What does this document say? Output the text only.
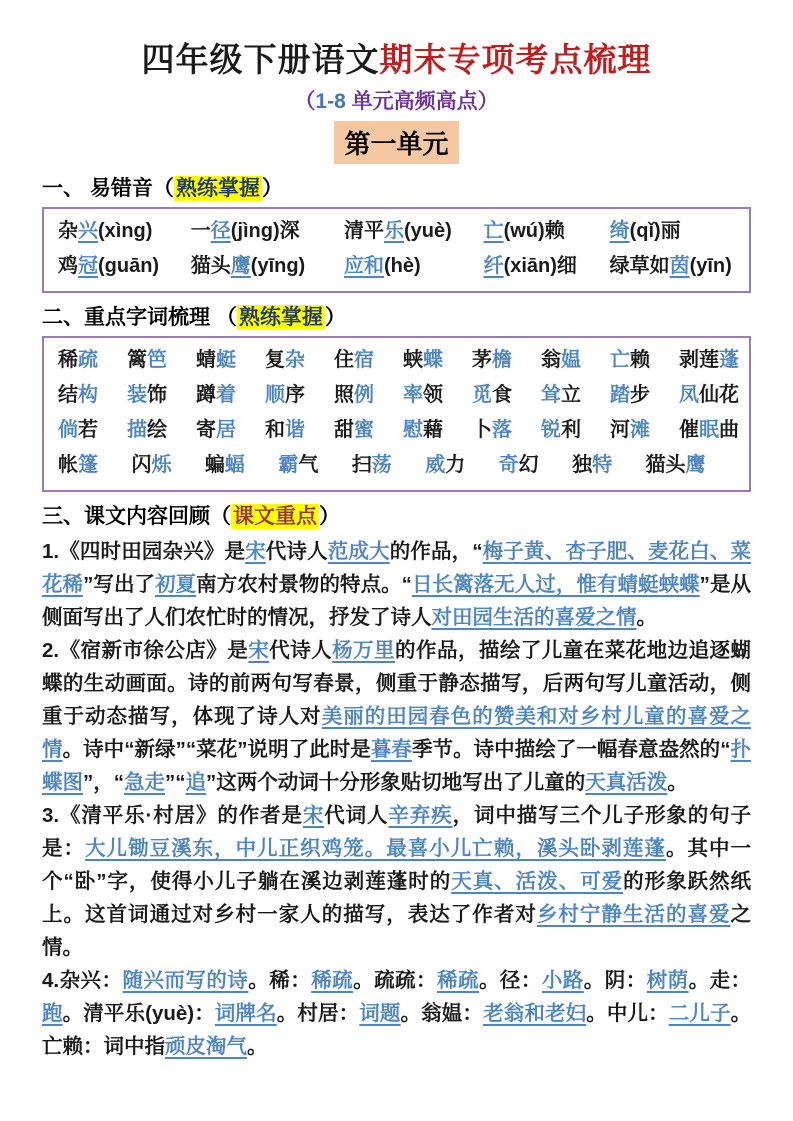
四年级下册语文期末专项考点梳理
（1-8 单元高频高点）
第一单元
一、 易错音（熟练掌握）
杂兴(xìng)	一径(jìng)深	清平乐(yuè)	亡(wú)赖	绮(qǐ)丽
鸡冠(guān)	猫头鹰(yīng)	应和(hè)	纤(xiān)细	绿草如茵(yīn)
二、重点字词梳理 （熟练掌握）
稀疏 篱笆 蜻蜓 复杂 住宿 蛱蝶 茅檐 翁媪 亡赖 剥莲蓬
结构 装饰 蹲着 顺序 照例 率领 觅食 耸立 踏步 凤仙花
倘若 描绘 寄居 和谐 甜蜜 慰藉 卜落 锐利 河滩 催眠曲
帐篷 闪烁 蝙蝠 霸气 扫荡 威力 奇幻 独特 猫头鹰
三、课文内容回顾（课文重点）

1.《四时田园杂兴》是宋代诗人范成大的作品，“梅子黄、杏子肥、麦花白、菜花稀”写出了初夏南方农村景物的特点。“日长篱落无人过，惟有蜻蜓蛱蝶”是从侧面写出了人们农忙时的情况，抒发了诗人对田园生活的喜爱之情。

2.《宿新市徐公店》是宋代诗人杨万里的作品，描绘了儿童在菜花地边追逐蝴蝶的生动画面。诗的前两句写春景，侧重于静态描写，后两句写儿童活动，侧重于动态描写，体现了诗人对美丽的田园春色的赞美和对乡村儿童的喜爱之情。诗中“新绿”“菜花”说明了此时是暮春季节。诗中描绘了一幅春意盎然的“扑蝶图”，“急走”“追”这两个动词十分形象贴切地写出了儿童的天真活泼。

3.《清平乐·村居》的作者是宋代词人辛弃疾，词中描写三个儿子形象的句子是：大儿锄豆溪东，中儿正织鸡笼。最喜小儿亡赖，溪头卧剥莲蓬。其中一个“卧”字，使得小儿子躺在溪边剥莲蓬时的天真、活泼、可爱的形象跃然纸上。这首词通过对乡村一家人的描写，表达了作者对乡村宁静生活的喜爱之情。

4.杂兴：随兴而写的诗。稀：稀疏。疏疏：稀疏。径：小路。阴：树荫。走：跑。清平乐(yuè)：词牌名。村居：词题。翁媪：老翁和老妇。中儿：二儿子。亡赖：词中指顽皮淘气。
